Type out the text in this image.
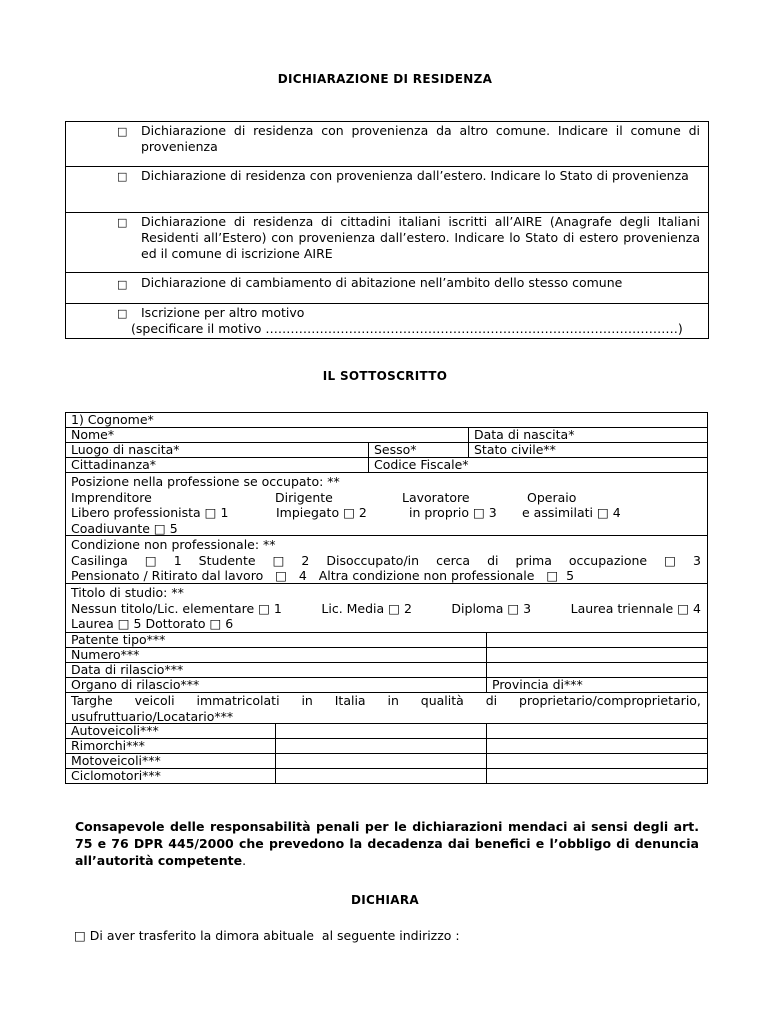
DICHIARAZIONE DI RESIDENZA
□ Dichiarazione di residenza con provenienza da altro comune. Indicare il comune di provenienza
□ Dichiarazione di residenza con provenienza dall’estero. Indicare lo Stato di provenienza
□ Dichiarazione di residenza di cittadini italiani iscritti all’AIRE (Anagrafe degli Italiani Residenti all’Estero) con provenienza dall’estero. Indicare lo Stato di estero provenienza ed il comune di iscrizione AIRE
□ Dichiarazione di cambiamento di abitazione nell’ambito dello stesso comune
□ Iscrizione per altro motivo
(specificare il motivo ………………………………………………………………………………………)
IL SOTTOSCRITTO
1) Cognome*
Nome*	Data di nascita*
Luogo di nascita*	Sesso*	Stato civile**
Cittadinanza*	Codice Fiscale*
Posizione nella professione se occupato: **
Imprenditore	Dirigente	Lavoratore	Operaio
Libero professionista □ 1	Impiegato □ 2	in proprio □ 3 e assimilati □ 4
Coadiuvante □ 5
Condizione non professionale: **
Casilinga □ 1 Studente □ 2 Disoccupato/in cerca di prima occupazione □ 3
Pensionato / Ritirato dal lavoro   □   4   Altra condizione non professionale   □  5
Titolo di studio: **
Nessun titolo/Lic. elementare □ 1	Lic. Media □ 2	Diploma □ 3	Laurea triennale □ 4
Laurea □ 5 Dottorato □ 6
Patente tipo***
Numero***
Data di rilascio***
Organo di rilascio***	Provincia di***
Targhe veicoli immatricolati in Italia in qualità di proprietario/comproprietario,
usufruttuario/Locatario***
Autoveicoli***
Rimorchi***
Motoveicoli***
Ciclomotori***
Consapevole delle responsabilità penali per le dichiarazioni mendaci ai sensi degli art. 75 e 76 DPR 445/2000 che prevedono la decadenza dai benefici e l’obbligo di denuncia all’autorità competente.
DICHIARA
□ Di aver trasferito la dimora abituale  al seguente indirizzo :
